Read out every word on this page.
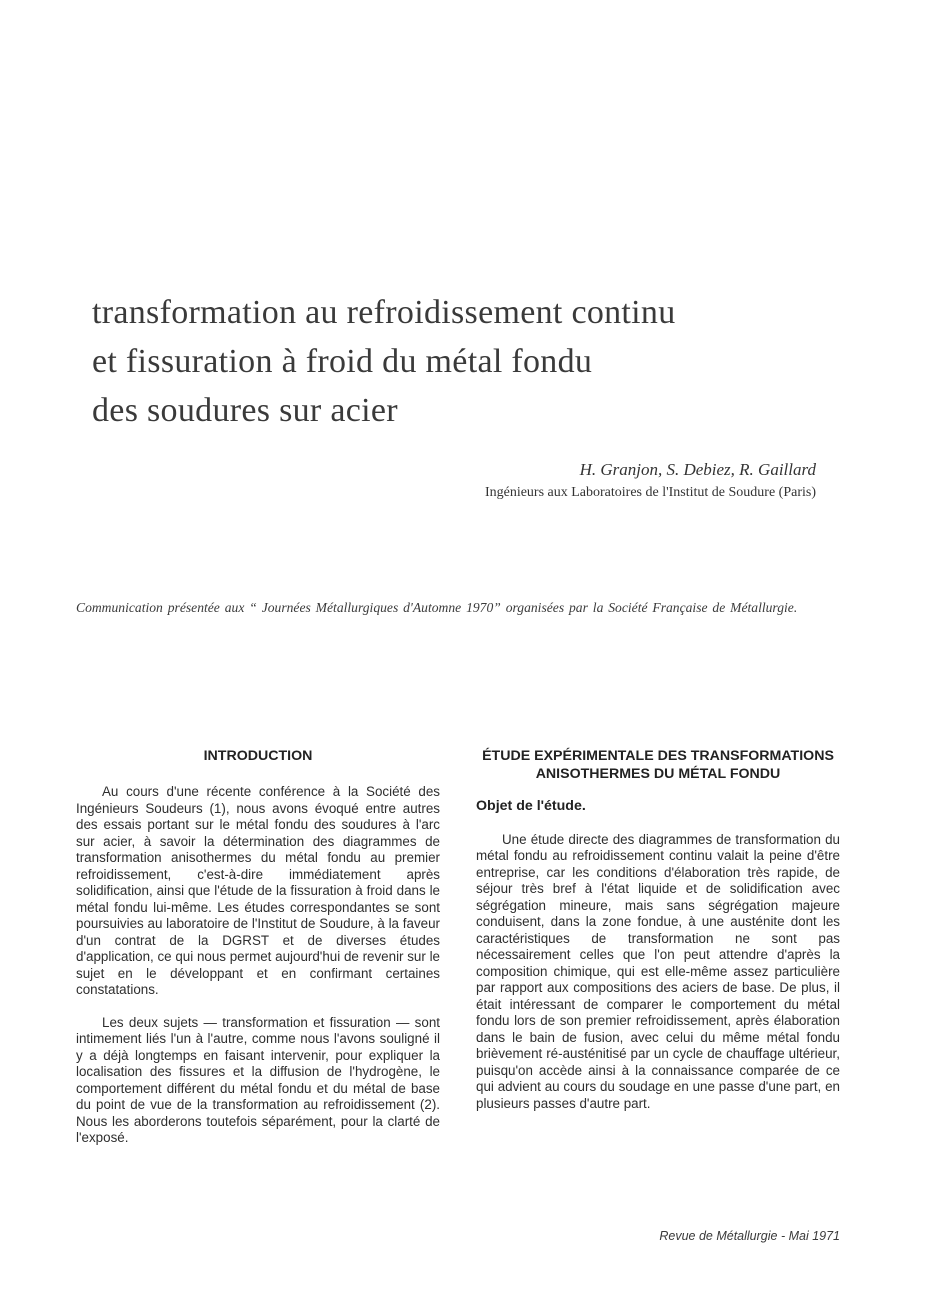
transformation au refroidissement continu
et fissuration à froid du métal fondu
des soudures sur acier
H. Granjon, S. Debiez, R. Gaillard
Ingénieurs aux Laboratoires de l'Institut de Soudure (Paris)
Communication présentée aux “ Journées Métallurgiques d'Automne 1970” organisées par la Société Française de Métallurgie.
INTRODUCTION

Au cours d'une récente conférence à la Société des Ingénieurs Soudeurs (1), nous avons évoqué entre autres des essais portant sur le métal fondu des soudures à l'arc sur acier, à savoir la détermination des diagrammes de transformation anisothermes du métal fondu au premier refroidissement, c'est-à-dire immédiatement après solidification, ainsi que l'étude de la fissuration à froid dans le métal fondu lui-même. Les études correspondantes se sont poursuivies au laboratoire de l'Institut de Soudure, à la faveur d'un contrat de la DGRST et de diverses études d'application, ce qui nous permet aujourd'hui de revenir sur le sujet en le développant et en confirmant certaines constatations.

Les deux sujets — transformation et fissuration — sont intimement liés l'un à l'autre, comme nous l'avons souligné il y a déjà longtemps en faisant intervenir, pour expliquer la localisation des fissures et la diffusion de l'hydrogène, le comportement différent du métal fondu et du métal de base du point de vue de la transformation au refroidissement (2). Nous les aborderons toutefois séparément, pour la clarté de l'exposé.

ÉTUDE EXPÉRIMENTALE DES TRANSFORMATIONS ANISOTHERMES DU MÉTAL FONDU
Objet de l'étude.

Une étude directe des diagrammes de transformation du métal fondu au refroidissement continu valait la peine d'être entreprise, car les conditions d'élaboration très rapide, de séjour très bref à l'état liquide et de solidification avec ségrégation mineure, mais sans ségrégation majeure conduisent, dans la zone fondue, à une austénite dont les caractéristiques de transformation ne sont pas nécessairement celles que l'on peut attendre d'après la composition chimique, qui est elle-même assez particulière par rapport aux compositions des aciers de base. De plus, il était intéressant de comparer le comportement du métal fondu lors de son premier refroidissement, après élaboration dans le bain de fusion, avec celui du même métal fondu brièvement ré-austénitisé par un cycle de chauffage ultérieur, puisqu'on accède ainsi à la connaissance comparée de ce qui advient au cours du soudage en une passe d'une part, en plusieurs passes d'autre part.

Revue de Métallurgie - Mai 1971
